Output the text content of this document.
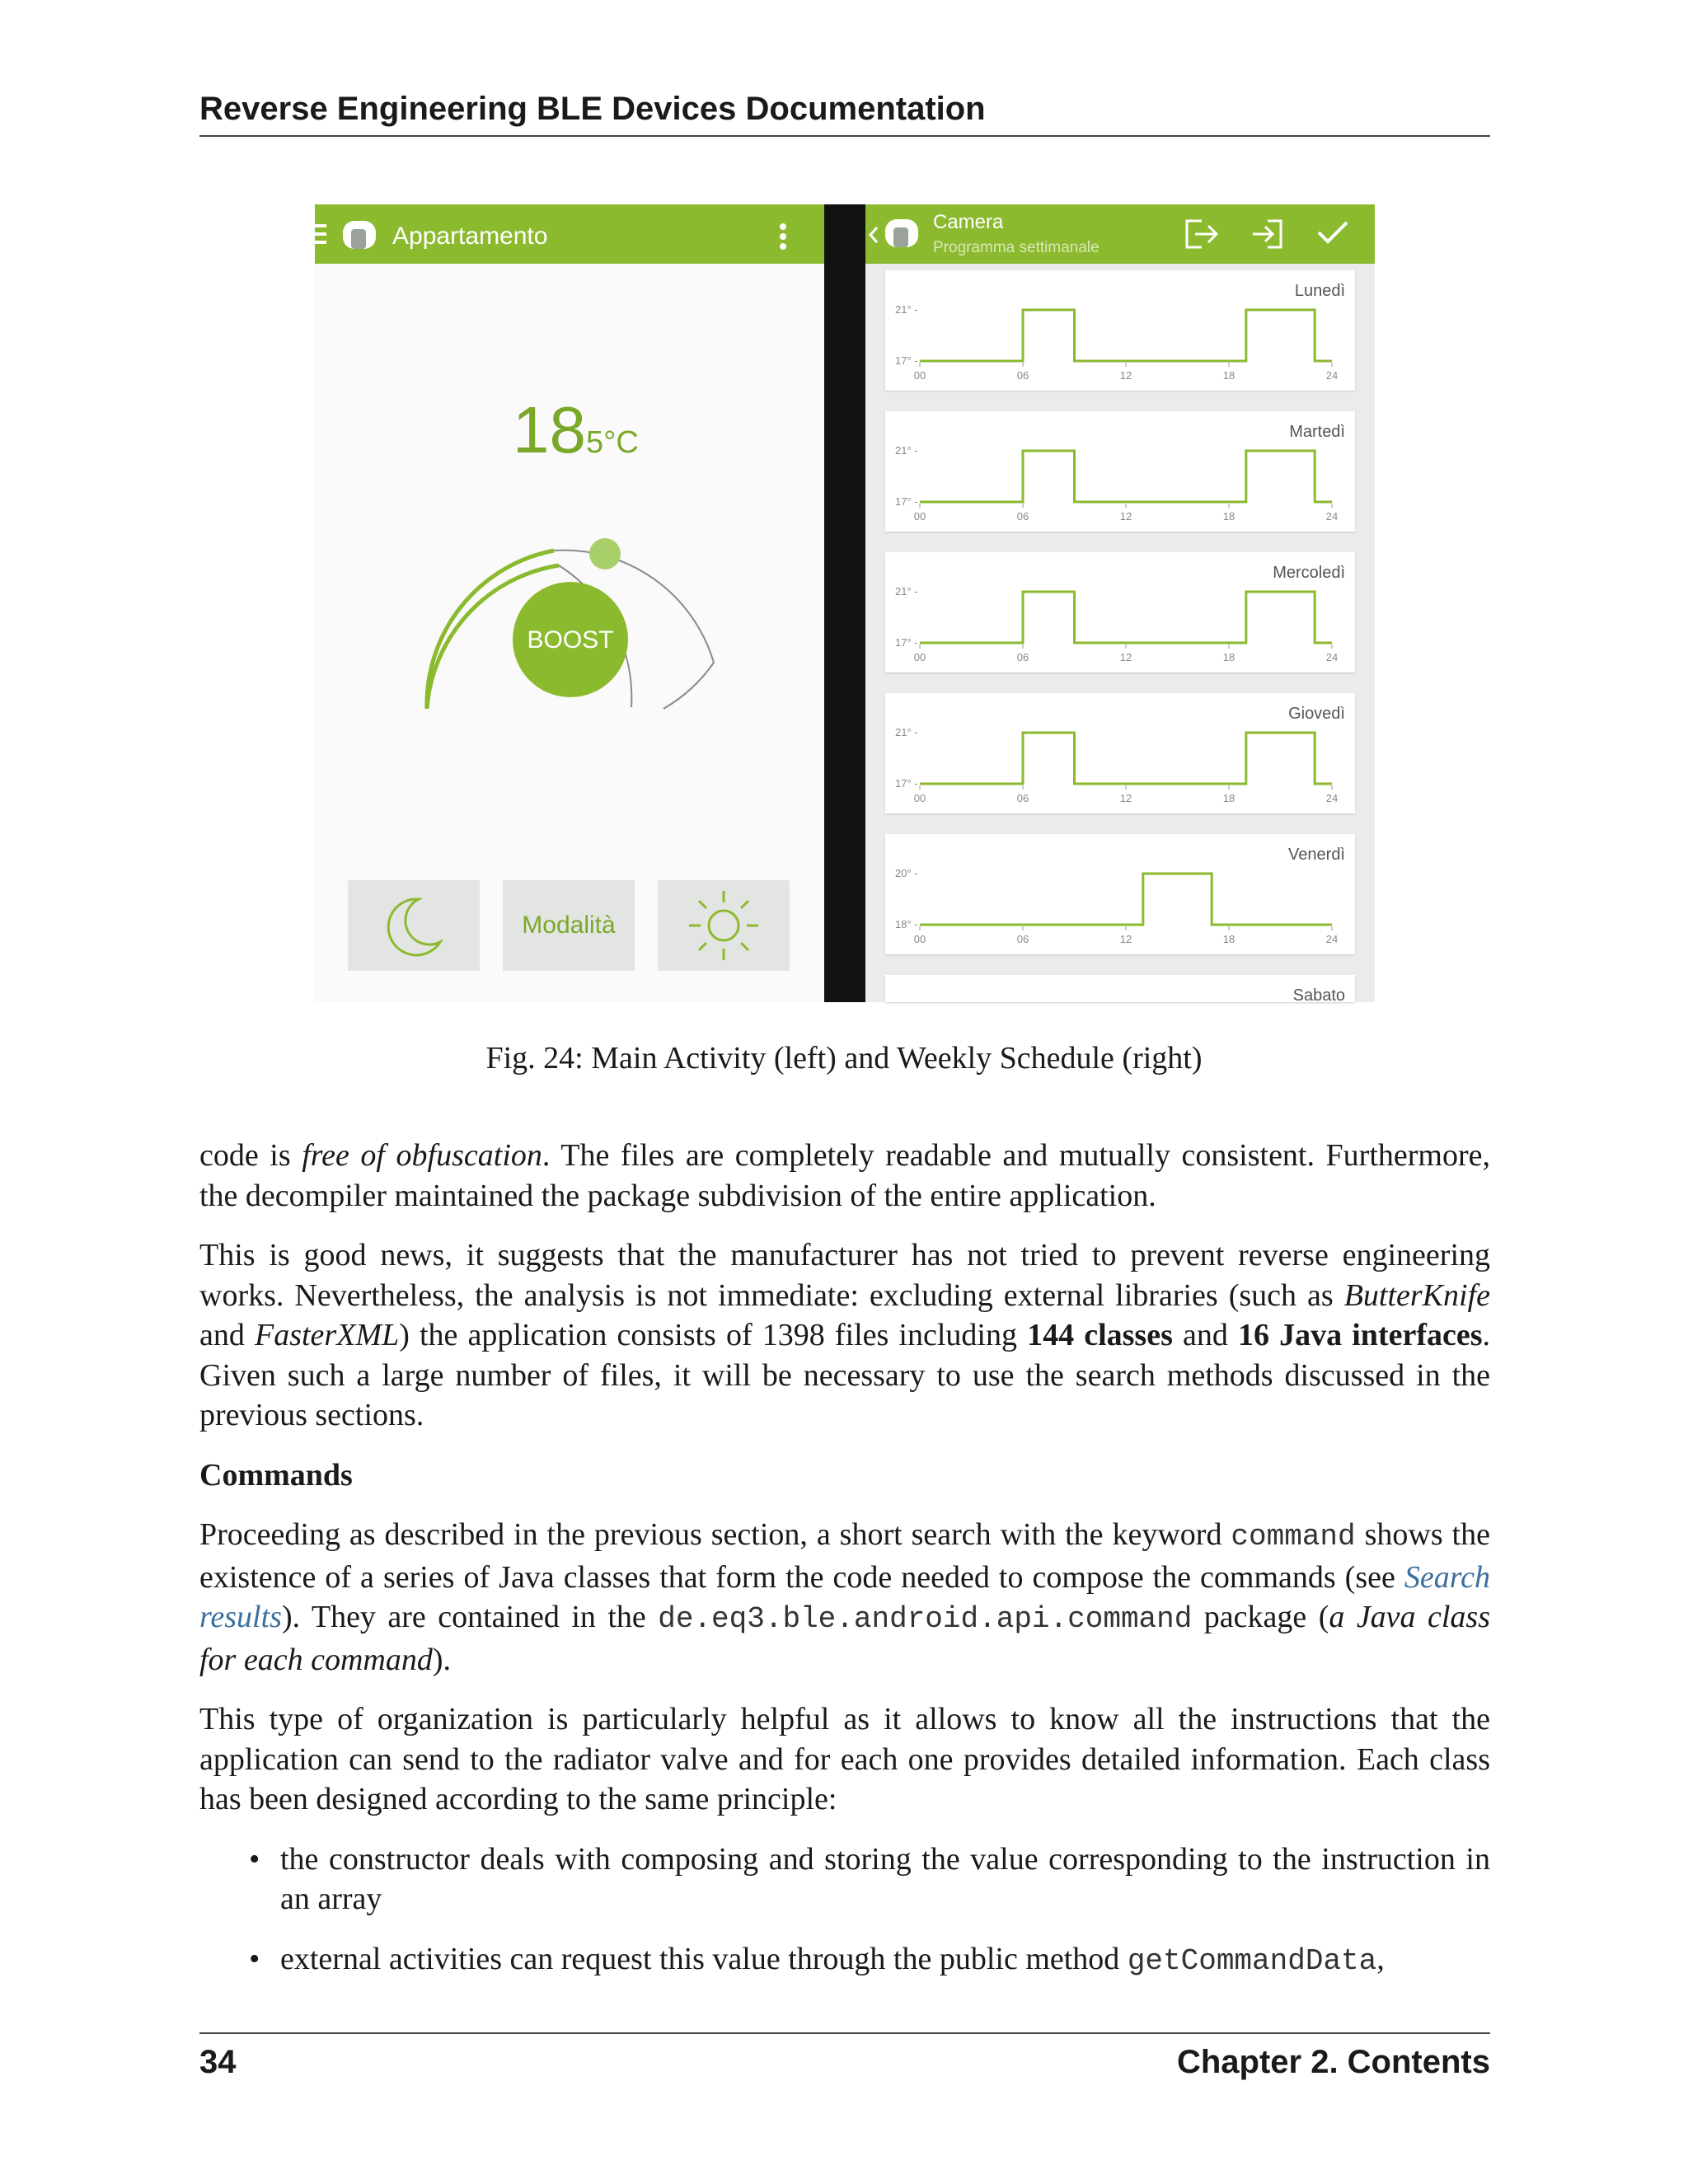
Reverse Engineering BLE Devices Documentation
Appartamento
185°C
BOOST
Modalità
Camera
Programma settimanale
Lunedì
21° -
17° -
00	06	12	18	24
Martedì
21° -
17° -
00	06	12	18	24
Mercoledì
21° -
17° -
00	06	12	18	24
Giovedì
21° -
17° -
00	06	12	18	24
Venerdì
20° -
18° -
00	06	12	18	24
Sabato
Fig. 24: Main Activity (left) and Weekly Schedule (right)

code is free of obfuscation. The files are completely readable and mutually consistent. Furthermore, the decompiler maintained the package subdivision of the entire application.

This is good news, it suggests that the manufacturer has not tried to prevent reverse engineering works. Nevertheless, the analysis is not immediate: excluding external libraries (such as ButterKnife and FasterXML) the application consists of 1398 files including 144 classes and 16 Java interfaces. Given such a large number of files, it will be necessary to use the search methods discussed in the previous sections.

Commands

Proceeding as described in the previous section, a short search with the keyword command shows the existence of a series of Java classes that form the code needed to compose the commands (see Search results). They are contained in the de.eq3.ble.android.api.command package (a Java class for each command).

This type of organization is particularly helpful as it allows to know all the instructions that the application can send to the radiator valve and for each one provides detailed information. Each class has been designed according to the same principle:

• the constructor deals with composing and storing the value corresponding to the instruction in an array
• external activities can request this value through the public method getCommandData,
34	Chapter 2. Contents
